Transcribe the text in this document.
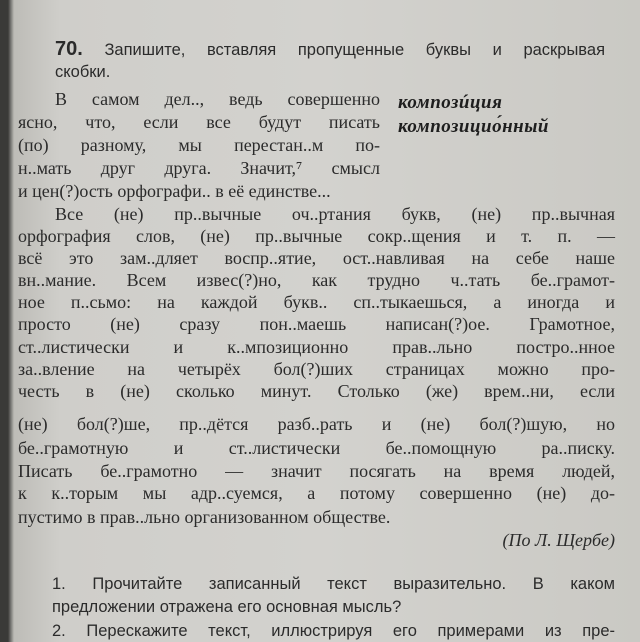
70. Запишите, вставляя пропущенные буквы и раскрывая
скобки.
композúция
композицио́нный
В самом дел.., ведь совершенно
ясно, что, если все будут писать
(по) разному, мы перестан..м по-
н..мать друг друга. Значит,⁷ смысл
и цен(?)ость орфографи.. в её единстве...
Все (не) пр..вычные оч..ртания букв, (не) пр..вычная
орфография слов, (не) пр..вычные сокр..щения и т. п. —
всё это зам..дляет воспр..ятие, ост..навливая на себе наше
вн..мание. Всем извес(?)но, как трудно ч..тать бе..грамот-
ное п..сьмо: на каждой букв.. сп..тыкаешься, а иногда и
просто (не) сразу пон..маешь написан(?)ое. Грамотное,
ст..листически и к..мпозиционно прав..льно постро..нное
за..вление на четырёх бол(?)ших страницах можно про-
честь в (не) сколько минут. Столько (же) врем..ни, если
(не) бол(?)ше, пр..дётся разб..рать и (не) бол(?)шую, но
бе..грамотную и ст..листически бе..помощную ра..писку.
Писать бе..грамотно — значит посягать на время людей,
к к..торым мы адр..суемся, а потому совершенно (не) до-
пустимо в прав..льно организованном обществе.
(По Л. Щербе)
1. Прочитайте записанный текст выразительно. В каком
предложении отражена его основная мысль?
2. Перескажите текст, иллюстрируя его примерами из пре-
